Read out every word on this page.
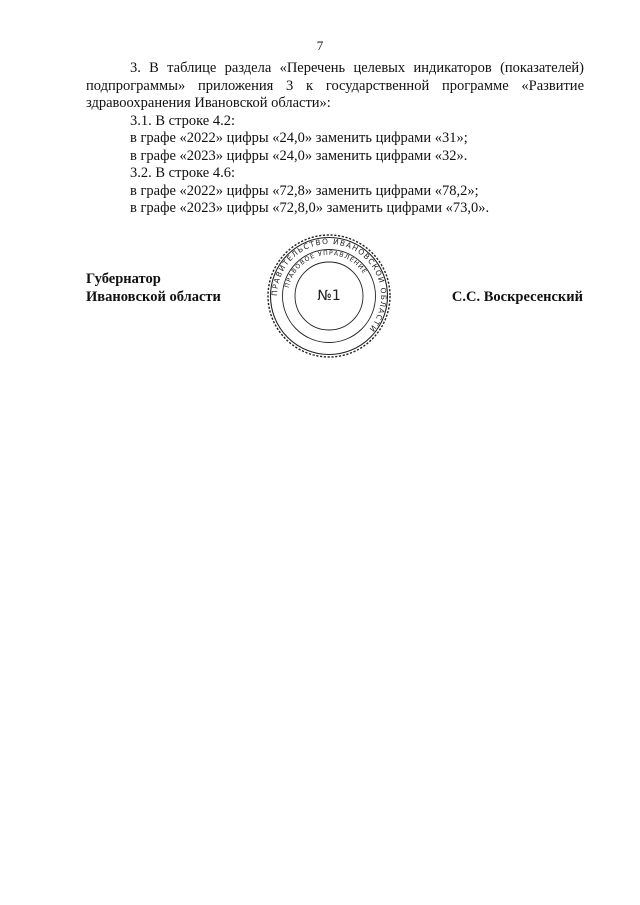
7

3. В таблице раздела «Перечень целевых индикаторов (показателей) подпрограммы» приложения 3 к государственной программе «Развитие здравоохранения Ивановской области»:

3.1. В строке 4.2:

в графе «2022» цифры «24,0» заменить цифрами «31»;

в графе «2023» цифры «24,0» заменить цифрами «32».

3.2. В строке 4.6:

в графе «2022» цифры «72,8» заменить цифрами «78,2»;

в графе «2023» цифры «72,8,0» заменить цифрами «73,0».

Губернатор
Ивановской области	С.С. Воскресенский
ПРАВИТЕЛЬСТВО ИВАНОВСКОЙ ОБЛАСТИ
ПРАВОВОЕ УПРАВЛЕНИЕ
№1
